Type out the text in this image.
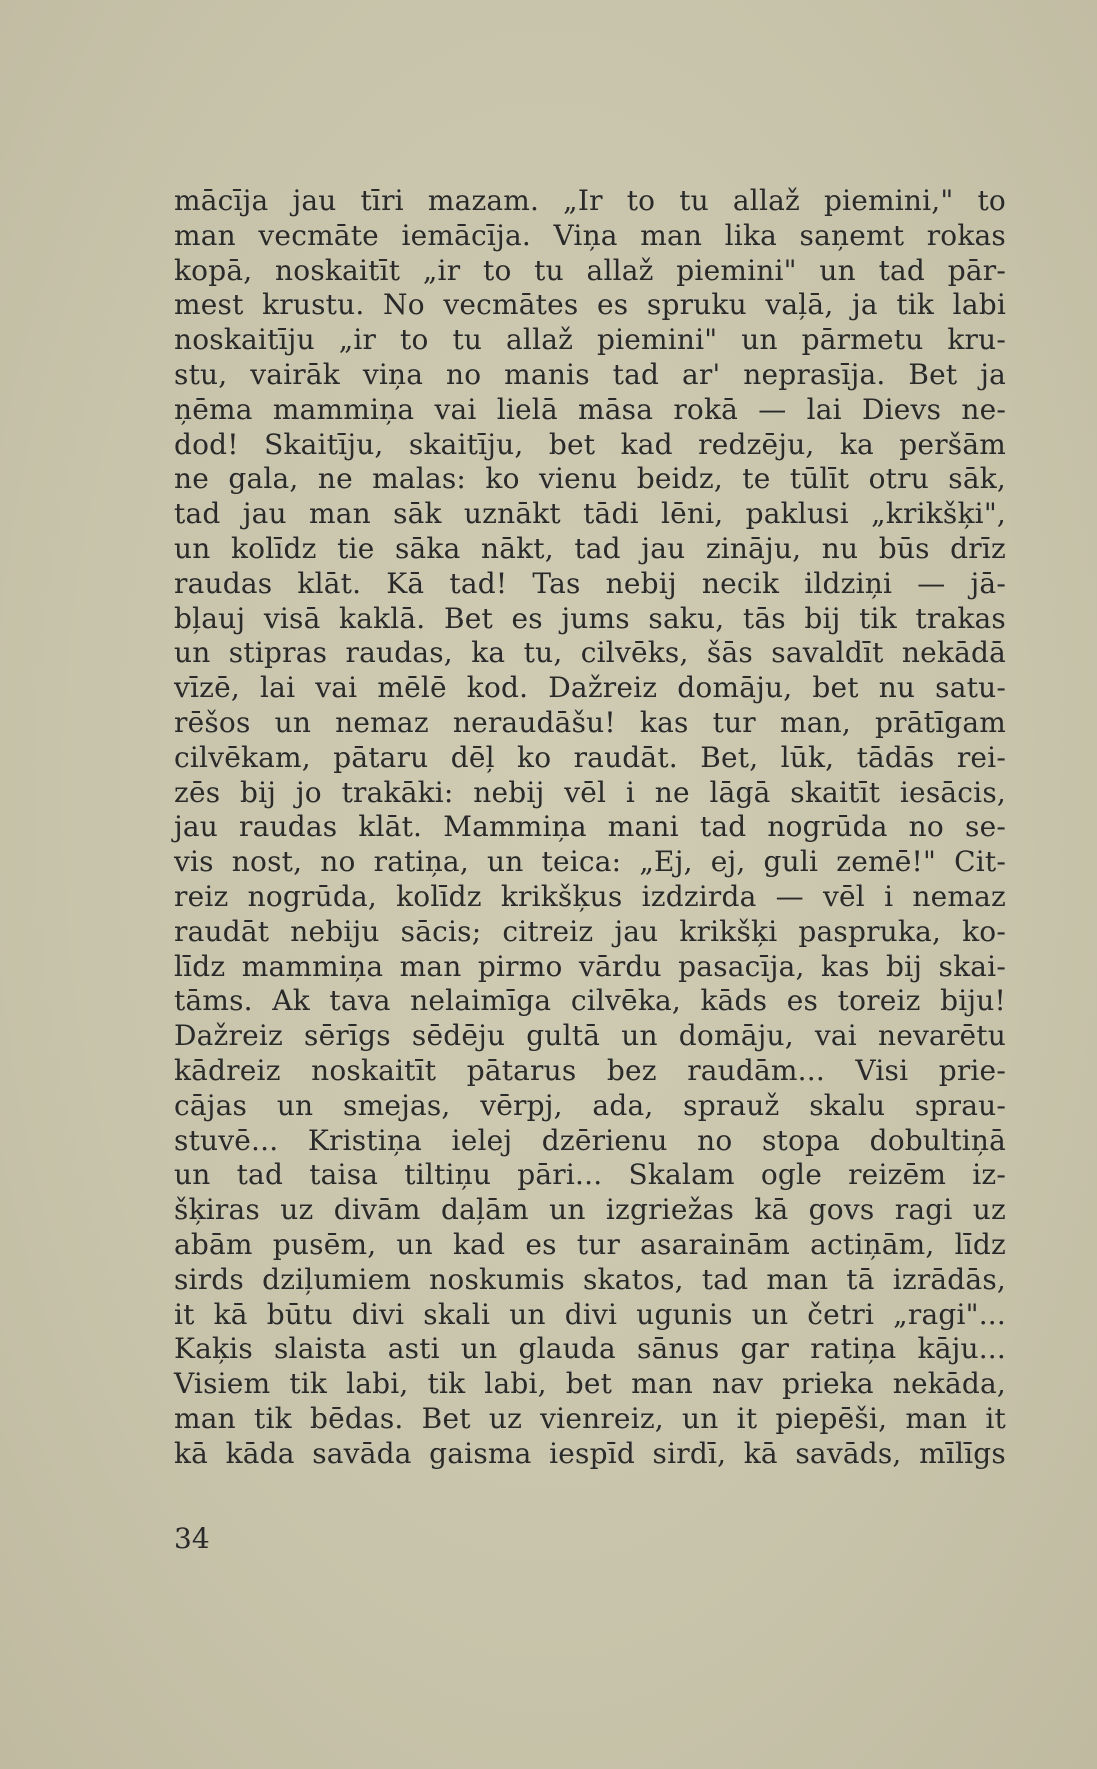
mācīja jau tīri mazam. „Ir to tu allaž piemini," to
man vecmāte iemācīja. Viņa man lika saņemt rokas
kopā, noskaitīt „ir to tu allaž piemini" un tad pār-
mest krustu. No vecmātes es spruku vaļā, ja tik labi
noskaitīju „ir to tu allaž piemini" un pārmetu kru-
stu, vairāk viņa no manis tad ar' neprasīja. Bet ja
ņēma mammiņa vai lielā māsa rokā — lai Dievs ne-
dod! Skaitīju, skaitīju, bet kad redzēju, ka peršām
ne gala, ne malas: ko vienu beidz, te tūlīt otru sāk,
tad jau man sāk uznākt tādi lēni, paklusi „krikšķi",
un kolīdz tie sāka nākt, tad jau zināju, nu būs drīz
raudas klāt. Kā tad! Tas nebij necik ildziņi — jā-
bļauj visā kaklā. Bet es jums saku, tās bij tik trakas
un stipras raudas, ka tu, cilvēks, šās savaldīt nekādā
vīzē, lai vai mēlē kod. Dažreiz domāju, bet nu satu-
rēšos un nemaz neraudāšu! kas tur man, prātīgam
cilvēkam, pātaru dēļ ko raudāt. Bet, lūk, tādās rei-
zēs bij jo trakāki: nebij vēl i ne lāgā skaitīt iesācis,
jau raudas klāt. Mammiņa mani tad nogrūda no se-
vis nost, no ratiņa, un teica: „Ej, ej, guli zemē!" Cit-
reiz nogrūda, kolīdz krikšķus izdzirda — vēl i nemaz
raudāt nebiju sācis; citreiz jau krikšķi paspruka, ko-
līdz mammiņa man pirmo vārdu pasacīja, kas bij skai-
tāms. Ak tava nelaimīga cilvēka, kāds es toreiz biju!
Dažreiz sērīgs sēdēju gultā un domāju, vai nevarētu
kādreiz noskaitīt pātarus bez raudām... Visi prie-
cājas un smejas, vērpj, ada, sprauž skalu sprau-
stuvē... Kristiņa ielej dzērienu no stopa dobultiņā
un tad taisa tiltiņu pāri... Skalam ogle reizēm iz-
šķiras uz divām daļām un izgriežas kā govs ragi uz
abām pusēm, un kad es tur asarainām actiņām, līdz
sirds dziļumiem noskumis skatos, tad man tā izrādās,
it kā būtu divi skali un divi ugunis un četri „ragi"...
Kaķis slaista asti un glauda sānus gar ratiņa kāju...
Visiem tik labi, tik labi, bet man nav prieka nekāda,
man tik bēdas. Bet uz vienreiz, un it piepēši, man it
kā kāda savāda gaisma iespīd sirdī, kā savāds, mīlīgs
34
